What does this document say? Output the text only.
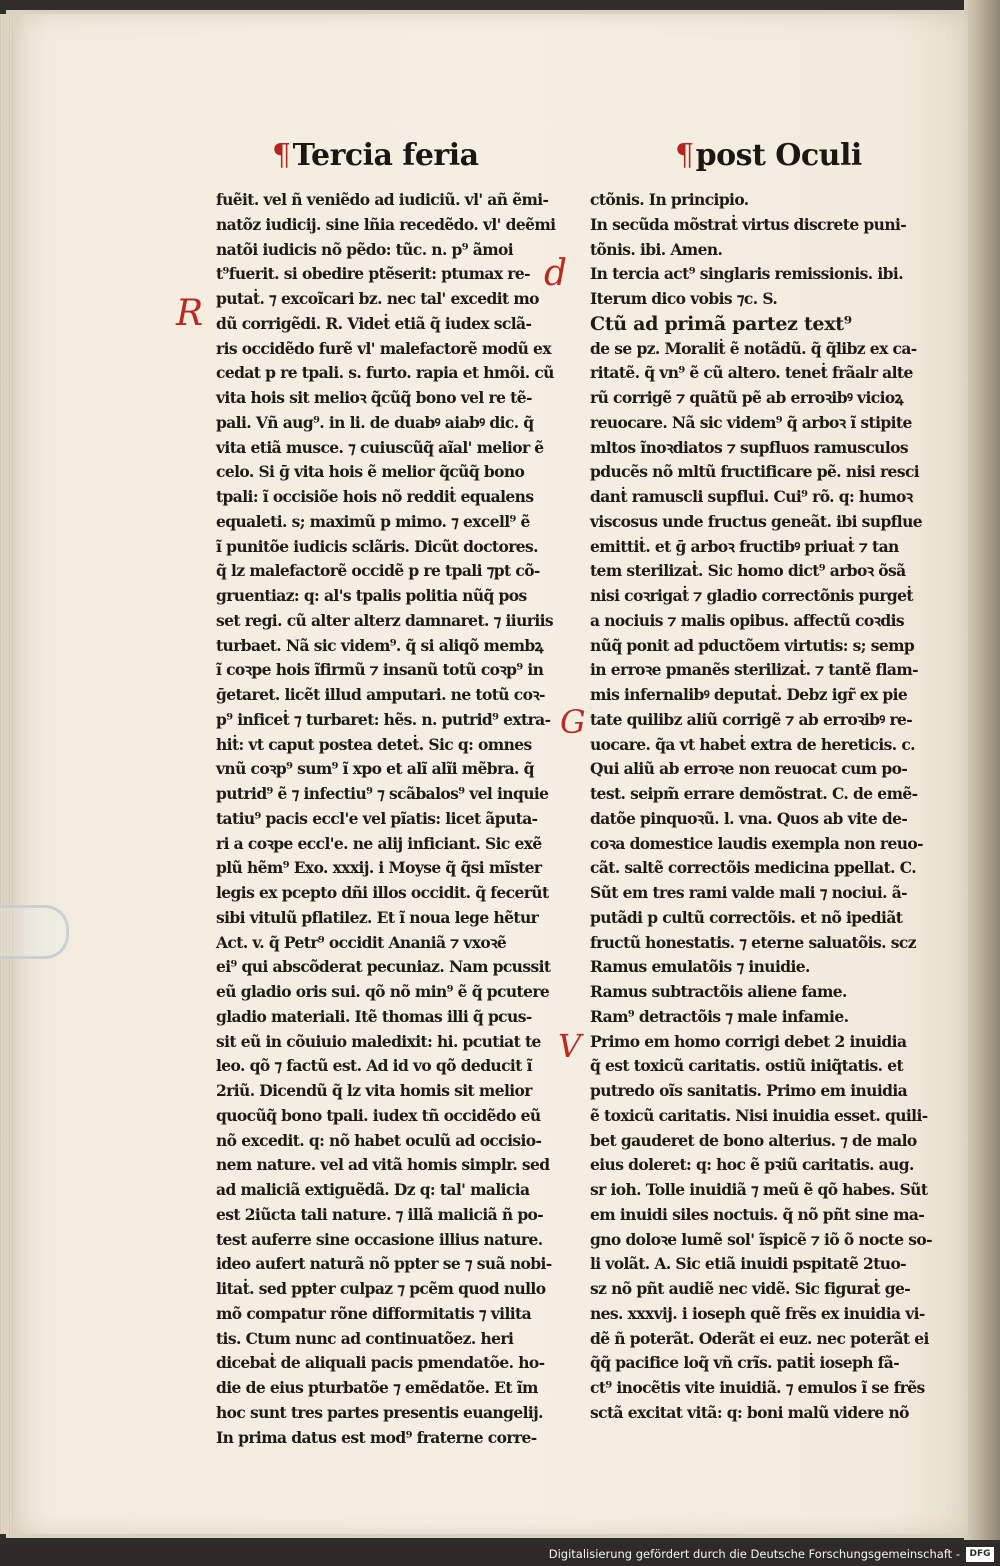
¶Tercia feria	¶post Oculi
fuẽit. vel ñ veniẽdo ad iudiciũ. vl' añ ẽmi-
natõz iudicij. sine lñia recedẽdo. vl' deẽmi
natõi iudicis nõ pẽdo: tũc. n. p⁹ ãmoi
t⁹fuerit. si obedire ptẽserit: ptumax re-
putaṫ. ⁊ excoĩcari bz. nec tal' excedit mo
dũ corrigẽdi. R. Videṫ etiã q̃ iudex sclã-
ris occidẽdo furẽ vl' malefactorẽ modũ ex
cedat p re tpali. s. furto. rapia et hmõi. cũ
vita hois sit melioꝛ q̃cũq̃ bono vel re tẽ-
pali. Vñ aug⁹. in li. de duabꝰ aiabꝰ dic. q̃
vita etiã musce. ⁊ cuiuscũq̃ aĩal' melior ẽ
celo. Si ḡ vita hois ẽ melior q̃cũq̃ bono
tpali: ĩ occisiõe hois nõ reddiṫ equalens
equaleti. s; maximũ p mimo. ⁊ excell⁹ ẽ
ĩ punitõe iudicis sclãris. Dicũt doctores.
q̃ lz malefactorẽ occidẽ p re tpali ⁊pt cõ-
gruentiaz: q: al's tpalis politia nũq̃ pos
set regi. cũ alter alterz damnaret. ⁊ iiuriis
turbaet. Nã sic videm⁹. q̃ si aliqõ membꝝ
ĩ coꝛpe hois ĩfirmũ ⁊ insanũ totũ coꝛp⁹ in
ḡetaret. licẽt illud amputari. ne totũ coꝛ-
p⁹ inficeṫ ⁊ turbaret: hẽs. n. putrid⁹ extra-
hiṫ: vt caput postea deteṫ. Sic q: omnes
vnũ coꝛp⁹ sum⁹ ĩ xpo et alĩ alĩi mẽbra. q̃
putrid⁹ ẽ ⁊ infectiu⁹ ⁊ scãbalos⁹ vel inquie
tatiu⁹ pacis eccl'e vel pĩatis: licet ãputa-
ri a coꝛpe eccl'e. ne alij inficiant. Sic exẽ
plũ hẽm⁹ Exo. xxxij. i Moyse q̃ q̃si mĩster
legis ex pcepto dñi illos occidit. q̃ fecerũt
sibi vitulũ pflatilez. Et ĩ noua lege hẽtur
Act. v. q̃ Petr⁹ occidit Ananiã ⁊ vxoꝛẽ
ei⁹ qui abscõderat pecuniaz. Nam pcussit
eũ gladio oris sui. qõ nõ min⁹ ẽ q̃ pcutere
gladio materiali. Itẽ thomas illi q̃ pcus-
sit eũ in cõuiuio maledixit: hi. pcutiat te
leo. qõ ⁊ factũ est. Ad id vo qõ deducit ĩ
2riũ. Dicendũ q̃ lz vita homis sit melior
quocũq̃ bono tpali. iudex tñ occidẽdo eũ
nõ excedit. q: nõ habet oculũ ad occisio-
nem nature. vel ad vitã homis simplr. sed
ad maliciã extiguẽdã. Dz q: tal' malicia
est 2iũcta tali nature. ⁊ illã maliciã ñ po-
test auferre sine occasione illius nature.
ideo aufert naturã nõ ppter se ⁊ suã nobi-
litaṫ. sed ppter culpaz ⁊ pcẽm quod nullo
mõ compatur rõne difformitatis ⁊ vilita
tis. Ctum nunc ad continuatõez. heri
dicebaṫ de aliquali pacis pmendatõe. ho-
die de eius pturbatõe ⁊ emẽdatõe. Et ĩm
hoc sunt tres partes presentis euangelij.
In prima datus est mod⁹ fraterne corre-
ctõnis. In principio.
In secũda mõstraṫ virtus discrete puni-
tõnis. ibi. Amen.
In tercia act⁹ singlaris remissionis. ibi.
Iterum dico vobis ⁊c. S.
Ctũ ad primã partez text⁹
de se pz. Moraliṫ ẽ notãdũ. q̃ q̃libz ex ca-
ritatẽ. q̃ vn⁹ ẽ cũ altero. teneṫ frãalr alte
rũ corrigẽ ⁊ quãtũ pẽ ab erroꝛibꝰ vicioꝝ
reuocare. Nã sic videm⁹ q̃ arboꝛ ĩ stipite
mltos ĩnoꝛdiatos ⁊ supfluos ramusculos
pducẽs nõ mltũ fructificare pẽ. nisi resci
danṫ ramuscli supflui. Cui⁹ rõ. q: humoꝛ
viscosus unde fructus geneãt. ibi supflue
emittiṫ. et ḡ arboꝛ fructibꝰ priuaṫ ⁊ tan
tem sterilizaṫ. Sic homo dict⁹ arboꝛ õsã
nisi coꝛrigaṫ ⁊ gladio correctõnis purgeṫ
a nociuis ⁊ malis opibus. affectũ coꝛdis
nũq̃ ponit ad pductõem virtutis: s; semp
in erroꝛe pmanẽs sterilizaṫ. ⁊ tantẽ flam-
mis infernalibꝰ deputaṫ. Debz igr̃ ex pie
tate quilibz aliũ corrigẽ ⁊ ab erroꝛibꝰ re-
uocare. q̃a vt habeṫ extra de hereticis. c.
Qui aliũ ab erroꝛe non reuocat cum po-
test. seipm̃ errare demõstrat. C. de emẽ-
datõe pinquoꝛũ. l. vna. Quos ab vite de-
coꝛa domestice laudis exempla non reuo-
cãt. saltẽ correctõis medicina ppellat. C.
Sũt em tres rami valde mali ⁊ nociui. ã-
putãdi p cultũ correctõis. et nõ ipediãt
fructũ honestatis. ⁊ eterne saluatõis. scz
Ramus emulatõis ⁊ inuidie.
Ramus subtractõis aliene fame.
Ram⁹ detractõis ⁊ male infamie.
Primo em homo corrigi debet 2 inuidia
q̃ est toxicũ caritatis. ostiũ iniq̃tatis. et
putredo oĩs sanitatis. Primo em inuidia
ẽ toxicũ caritatis. Nisi inuidia esset. quili-
bet gauderet de bono alterius. ⁊ de malo
eius doleret: q: hoc ẽ pꝛiũ caritatis. aug.
sr ioh. Tolle inuidiã ⁊ meũ ẽ qõ habes. Sũt
em inuidi siles noctuis. q̃ nõ pñt sine ma-
gno doloꝛe lumẽ sol' ĩspicẽ ⁊ iõ õ nocte so-
li volãt. A. Sic etiã inuidi pspitatẽ 2tuo-
sz nõ pñt audiẽ nec vidẽ. Sic figuraṫ ge-
nes. xxxvij. i ioseph quẽ frẽs ex inuidia vi-
dẽ ñ poterãt. Oderãt ei euz. nec poterãt ei
q̃q̃ pacifice loq̃ vñ crĩs. patiṫ ioseph fã-
ct⁹ inocẽtis vite inuidiã. ⁊ emulos ĩ se frẽs
sctã excitat vitã: q: boni malũ videre nõ
R
d
G
V
Digitalisierung gefördert durch die Deutsche Forschungsgemeinschaft -	DFG
